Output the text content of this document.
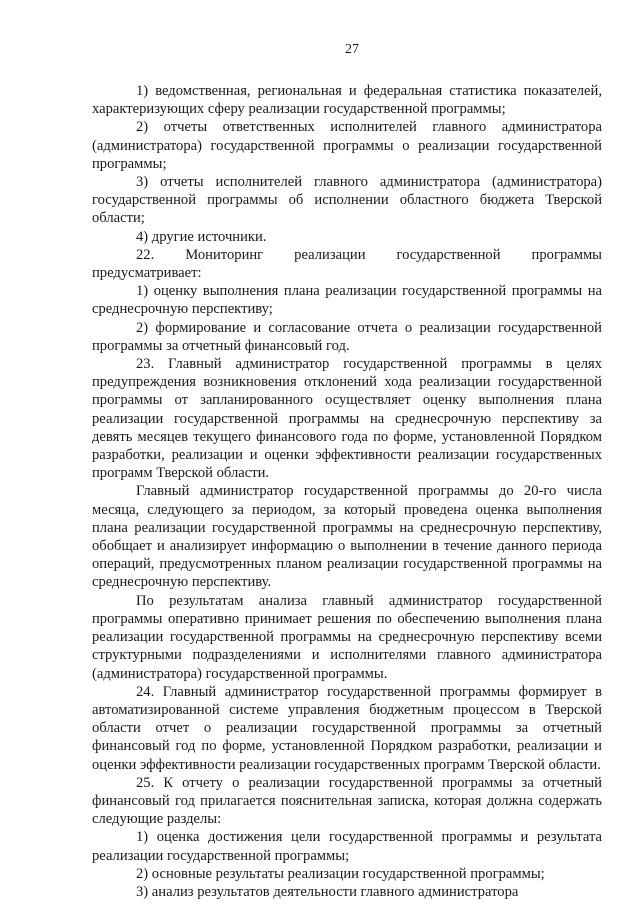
27

1) ведомственная, региональная и федеральная статистика показателей, характеризующих сферу реализации государственной программы;

2) отчеты ответственных исполнителей главного администратора (администратора) государственной программы о реализации государственной программы;

3) отчеты исполнителей главного администратора (администратора) государственной программы об исполнении областного бюджета Тверской области;

4) другие источники.

22. Мониторинг реализации государственной программы предусматривает:

1) оценку выполнения плана реализации государственной программы на среднесрочную перспективу;

2) формирование и согласование отчета о реализации государственной программы за отчетный финансовый год.

23. Главный администратор государственной программы в целях предупреждения возникновения отклонений хода реализации государственной программы от запланированного осуществляет оценку выполнения плана реализации государственной программы на среднесрочную перспективу за девять месяцев текущего финансового года по форме, установленной Порядком разработки, реализации и оценки эффективности реализации государственных программ Тверской области.

Главный администратор государственной программы до 20-го числа месяца, следующего за периодом, за который проведена оценка выполнения плана реализации государственной программы на среднесрочную перспективу, обобщает и анализирует информацию о выполнении в течение данного периода операций, предусмотренных планом реализации государственной программы на среднесрочную перспективу.

По результатам анализа главный администратор государственной программы оперативно принимает решения по обеспечению выполнения плана реализации государственной программы на среднесрочную перспективу всеми структурными подразделениями и исполнителями главного администратора (администратора) государственной программы.

24. Главный администратор государственной программы формирует в автоматизированной системе управления бюджетным процессом в Тверской области отчет о реализации государственной программы за отчетный финансовый год по форме, установленной Порядком разработки, реализации и оценки эффективности реализации государственных программ Тверской области.

25. К отчету о реализации государственной программы за отчетный финансовый год прилагается пояснительная записка, которая должна содержать следующие разделы:

1) оценка достижения цели государственной программы и результата реализации государственной программы;

2) основные результаты реализации государственной программы;

3) анализ результатов деятельности главного администратора
